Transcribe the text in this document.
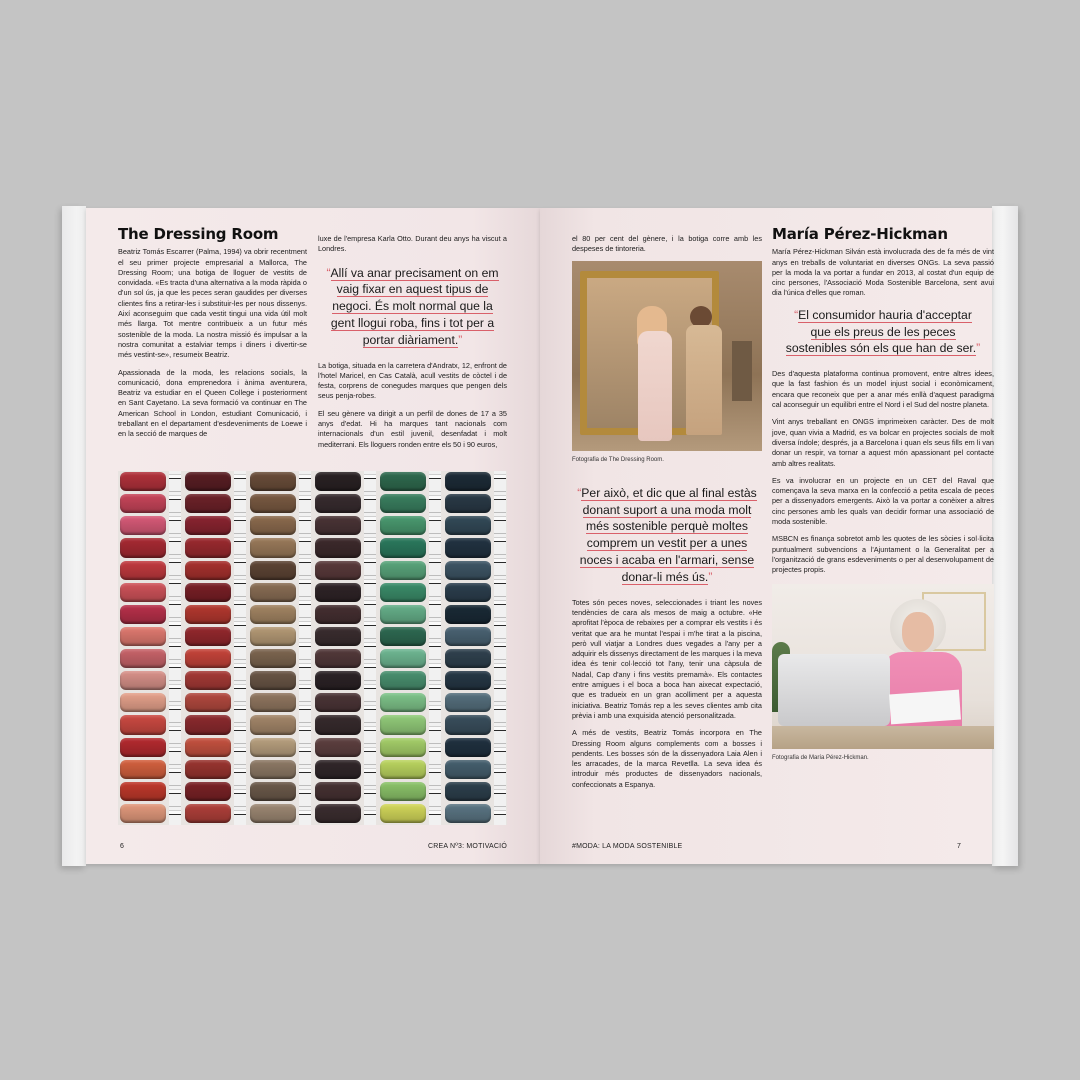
The Dressing Room

Beatriz Tomás Escarrer (Palma, 1994) va obrir recentment el seu primer projecte empresarial a Mallorca, The Dressing Room; una botiga de lloguer de vestits de convidada. «Es tracta d'una alternativa a la moda ràpida o d'un sol ús, ja que les peces seran gaudides per diverses clientes fins a retirar-les i substituir-les per nous dissenys. Així aconseguim que cada vestit tingui una vida útil molt més llarga. Tot mentre contribueix a un futur més sostenible de la moda. La nostra missió és impulsar a la nostra comunitat a estalviar temps i diners i divertir-se més vestint-se», resumeix Beatriz.

Apassionada de la moda, les relacions socials, la comunicació, dona emprenedora i ànima aventurera, Beatriz va estudiar en el Queen College i posteriorment en Sant Cayetano. La seva formació va continuar en The American School in London, estudiant Comunicació, i treballant en el departament d'esdeveniments de Loewe i en la secció de marques de

luxe de l'empresa Karla Otto. Durant deu anys ha viscut a Londres.

“Allí va anar precisament on em
vaig fixar en aquest tipus de
negoci. És molt normal que la
gent llogui roba, fins i tot per a
portar diàriament.”

La botiga, situada en la carretera d'Andratx, 12, enfront de l'hotel Maricel, en Cas Català, acull vestits de còctel i de festa, corprens de conegudes marques que pengen dels seus penja-robes.

El seu gènere va dirigit a un perfil de dones de 17 a 35 anys d'edat. Hi ha marques tant nacionals com internacionals d'un estil juvenil, desenfadat i molt mediterrani. Els lloguers ronden entre els 50 i 90 euros,

6	CREA Nº3: MOTIVACIÓ

el 80 per cent del gènere, i la botiga corre amb les despeses de tintoreria.

Fotografia de The Dressing Room.
“Per això, et dic que al final estàs
donant suport a una moda molt
més sostenible perquè moltes
comprem un vestit per a unes
noces i acaba en l'armari, sense
donar-li més ús.”

Totes són peces noves, seleccionades i triant les noves tendències de cara als mesos de maig a octubre. «He aprofitat l'època de rebaixes per a comprar els vestits i és veritat que ara he muntat l'espai i m'he tirat a la piscina, però vull viatjar a Londres dues vegades a l'any per a adquirir els dissenys directament de les marques i la meva idea és tenir col·lecció tot l'any, tenir una càpsula de Nadal, Cap d'any i fins vestits premamà». Els contactes entre amigues i el boca a boca han aixecat expectació, que es tradueix en un gran acolliment per a aquesta iniciativa. Beatriz Tomás rep a les seves clientes amb cita prèvia i amb una exquisida atenció personalitzada.

A més de vestits, Beatriz Tomás incorpora en The Dressing Room alguns complements com a bosses i pendents. Les bosses són de la dissenyadora Laia Alen i les arracades, de la marca Revetlla. La seva idea és introduir més productes de dissenyadors nacionals, confeccionats a Espanya.

María Pérez-Hickman

María Pérez-Hickman Silván està involucrada des de fa més de vint anys en treballs de voluntariat en diverses ONGs. La seva passió per la moda la va portar a fundar en 2013, al costat d'un equip de cinc persones, l'Associació Moda Sostenible Barcelona, sent avui dia l'única d'elles que roman.

“El consumidor hauria d'acceptar
que els preus de les peces
sostenibles són els que han de ser.”

Des d'aquesta plataforma continua promovent, entre altres idees, que la fast fashion és un model injust social i econòmicament, encara que reconeix que per a anar més enllà d'aquest paradigma cal aconseguir un equilibri entre el Nord i el Sud del nostre planeta.

Vint anys treballant en ONGS imprimeixen caràcter. Des de molt jove, quan vivia a Madrid, es va bolcar en projectes socials de molt diversa índole; després, ja a Barcelona i quan els seus fills em li van donar un respir, va tornar a aquest món apassionant pel contacte amb altres realitats.

Es va involucrar en un projecte en un CET del Raval que començava la seva marxa en la confecció a petita escala de peces per a dissenyadors emergents. Això la va portar a conèixer a altres cinc persones amb les quals van decidir formar una associació de moda sostenible.

MSBCN es finança sobretot amb les quotes de les sòcies i sol·licita puntualment subvencions a l'Ajuntament o la Generalitat per a l'organització de grans esdeveniments o per al desenvolupament de projectes propis.

Fotografia de María Pérez-Hickman.
#MODA: LA MODA SOSTENIBLE	7
